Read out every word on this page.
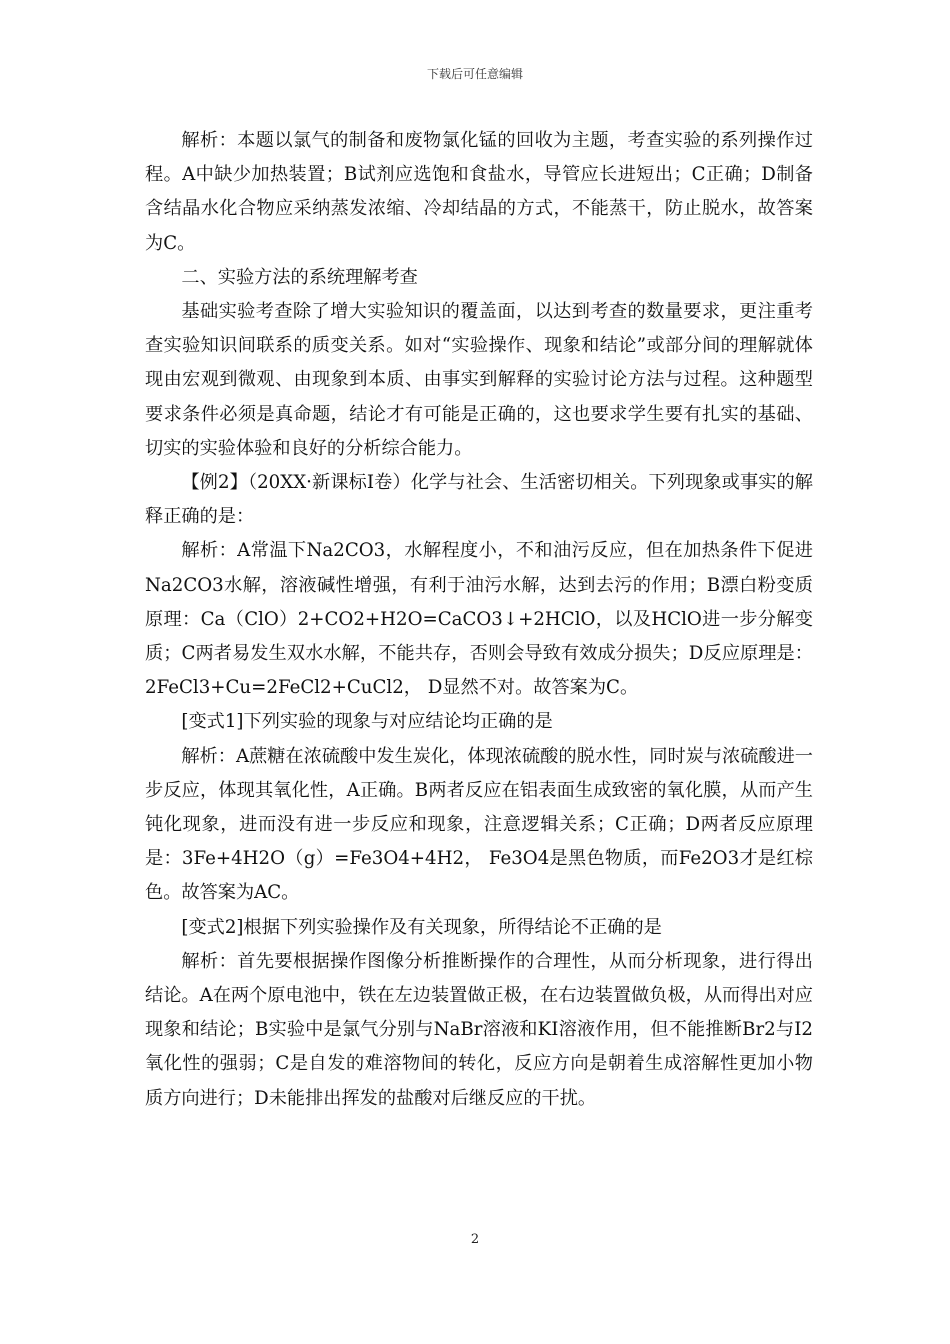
下载后可任意编辑

解析：本题以氯气的制备和废物氯化锰的回收为主题，考查实验的系列操作过程。A中缺少加热装置；B试剂应选饱和食盐水，导管应长进短出；C正确；D制备含结晶水化合物应采纳蒸发浓缩、冷却结晶的方式，不能蒸干，防止脱水，故答案为C。

二、实验方法的系统理解考查

基础实验考查除了增大实验知识的覆盖面，以达到考查的数量要求，更注重考查实验知识间联系的质变关系。如对“实验操作、现象和结论”或部分间的理解就体现由宏观到微观、由现象到本质、由事实到解释的实验讨论方法与过程。这种题型要求条件必须是真命题，结论才有可能是正确的，这也要求学生要有扎实的基础、切实的实验体验和良好的分析综合能力。

【例2】（20XX·新课标Ⅰ卷）化学与社会、生活密切相关。下列现象或事实的解释正确的是：

解析：A常温下Na2CO3，水解程度小，不和油污反应，但在加热条件下促进Na2CO3水解，溶液碱性增强，有利于油污水解，达到去污的作用；B漂白粉变质原理：Ca（ClO）2+CO2+H2O=CaCO3↓+2HClO，以及HClO进一步分解变质；C两者易发生双水水解，不能共存，否则会导致有效成分损失；D反应原理是：2FeCl3+Cu=2FeCl2+CuCl2， D显然不对。故答案为C。

[变式1]下列实验的现象与对应结论均正确的是

解析：A蔗糖在浓硫酸中发生炭化，体现浓硫酸的脱水性，同时炭与浓硫酸进一步反应，体现其氧化性，A正确。B两者反应在铝表面生成致密的氧化膜，从而产生钝化现象，进而没有进一步反应和现象，注意逻辑关系；C正确；D两者反应原理是：3Fe+4H2O（g）=Fe3O4+4H2， Fe3O4是黑色物质，而Fe2O3才是红棕色。故答案为AC。

[变式2]根据下列实验操作及有关现象，所得结论不正确的是

解析：首先要根据操作图像分析推断操作的合理性，从而分析现象，进行得出结论。A在两个原电池中，铁在左边装置做正极，在右边装置做负极，从而得出对应现象和结论；B实验中是氯气分别与NaBr溶液和KI溶液作用，但不能推断Br2与I2氧化性的强弱；C是自发的难溶物间的转化，反应方向是朝着生成溶解性更加小物质方向进行；D未能排出挥发的盐酸对后继反应的干扰。

2
